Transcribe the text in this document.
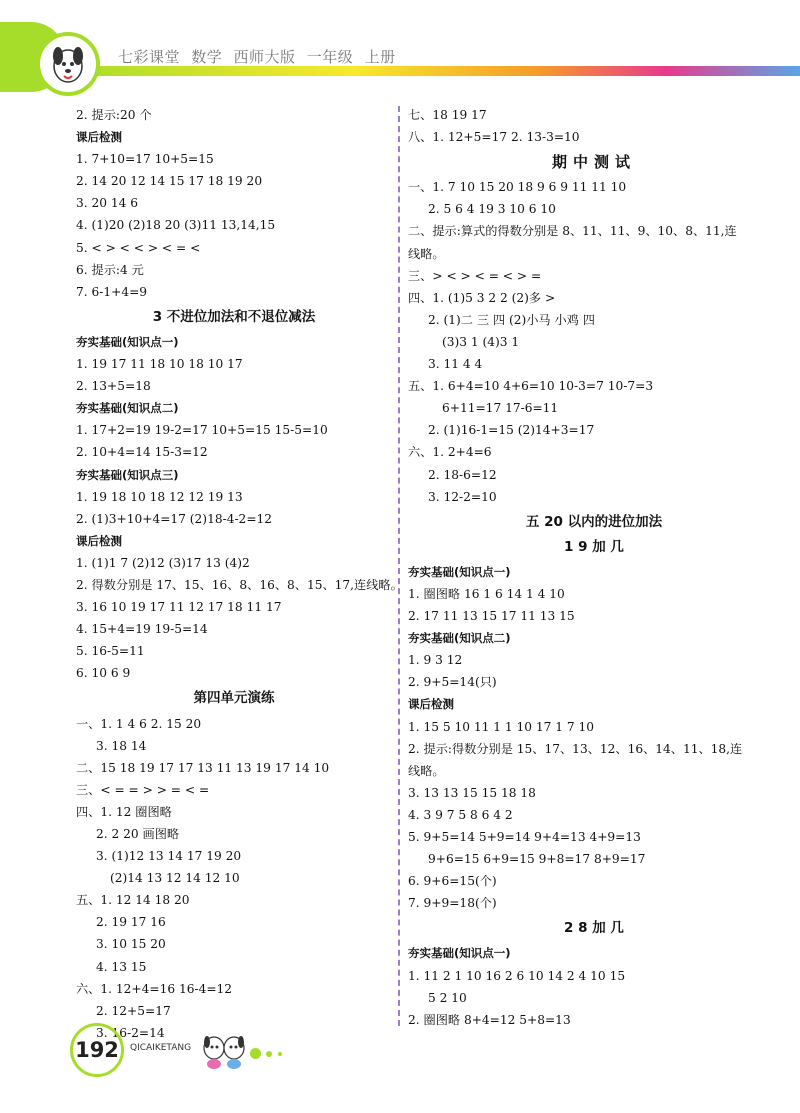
七彩课堂 数学 西师大版 一年级 上册
2. 提示:20 个
课后检测
1. 7+10=17 10+5=15
2. 14 20 12 14 15 17 18 19 20
3. 20 14 6
4. (1)20 (2)18 20 (3)11 13,14,15
5. < > < < > < = <
6. 提示:4 元
7. 6-1+4=9
3 不进位加法和不退位减法
夯实基础(知识点一)
1. 19 17 11 18 10 18 10 17
2. 13+5=18
夯实基础(知识点二)
1. 17+2=19 19-2=17 10+5=15 15-5=10
2. 10+4=14 15-3=12
夯实基础(知识点三)
1. 19 18 10 18 12 12 19 13
2. (1)3+10+4=17 (2)18-4-2=12
课后检测
1. (1)1 7 (2)12 (3)17 13 (4)2
2. 得数分别是 17、15、16、8、16、8、15、17,连线略。
3. 16 10 19 17 11 12 17 18 11 17
4. 15+4=19 19-5=14
5. 16-5=11
6. 10 6 9
第四单元演练
一、1. 1 4 6 2. 15 20
3. 18 14
二、15 18 19 17 17 13 11 13 19 17 14 10
三、< = = > > = < =
四、1. 12 圈图略
2. 2 20 画图略
3. (1)12 13 14 17 19 20
(2)14 13 12 14 12 10
五、1. 12 14 18 20
2. 19 17 16
3. 10 15 20
4. 13 15
六、1. 12+4=16 16-4=12
2. 12+5=17
3. 16-2=14
七、18 19 17
八、1. 12+5=17 2. 13-3=10
期中测试
一、1. 7 10 15 20 18 9 6 9 11 11 10
2. 5 6 4 19 3 10 6 10
二、提示:算式的得数分别是 8、11、11、9、10、8、11,连
线略。
三、> < > < = < > =
四、1. (1)5 3 2 2 (2)多 >
2. (1)二 三 四 (2)小马 小鸡 四
(3)3 1 (4)3 1
3. 11 4 4
五、1. 6+4=10 4+6=10 10-3=7 10-7=3
6+11=17 17-6=11
2. (1)16-1=15 (2)14+3=17
六、1. 2+4=6
2. 18-6=12
3. 12-2=10
五 20 以内的进位加法
1 9 加 几
夯实基础(知识点一)
1. 圈图略 16 1 6 14 1 4 10
2. 17 11 13 15 17 11 13 15
夯实基础(知识点二)
1. 9 3 12
2. 9+5=14(只)
课后检测
1. 15 5 10 11 1 1 10 17 1 7 10
2. 提示:得数分别是 15、17、13、12、16、14、11、18,连
线略。
3. 13 13 15 15 18 18
4. 3 9 7 5 8 6 4 2
5. 9+5=14 5+9=14 9+4=13 4+9=13
9+6=15 6+9=15 9+8=17 8+9=17
6. 9+6=15(个)
7. 9+9=18(个)
2 8 加 几
夯实基础(知识点一)
1. 11 2 1 10 16 2 6 10 14 2 4 10 15
5 2 10
2. 圈图略 8+4=12 5+8=13
192	QICAIKETANG
